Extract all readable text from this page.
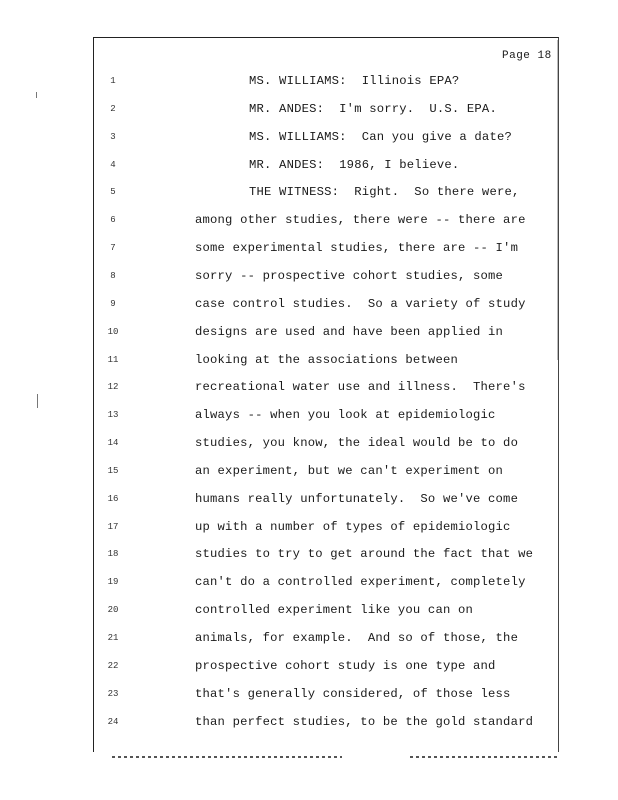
Page 18
1	MS. WILLIAMS:  Illinois EPA?
2	MR. ANDES:  I'm sorry.  U.S. EPA.
3	MS. WILLIAMS:  Can you give a date?
4	MR. ANDES:  1986, I believe.
5	THE WITNESS:  Right.  So there were,
6	among other studies, there were -- there are
7	some experimental studies, there are -- I'm
8	sorry -- prospective cohort studies, some
9	case control studies.  So a variety of study
10	designs are used and have been applied in
11	looking at the associations between
12	recreational water use and illness.  There's
13	always -- when you look at epidemiologic
14	studies, you know, the ideal would be to do
15	an experiment, but we can't experiment on
16	humans really unfortunately.  So we've come
17	up with a number of types of epidemiologic
18	studies to try to get around the fact that we
19	can't do a controlled experiment, completely
20	controlled experiment like you can on
21	animals, for example.  And so of those, the
22	prospective cohort study is one type and
23	that's generally considered, of those less
24	than perfect studies, to be the gold standard
